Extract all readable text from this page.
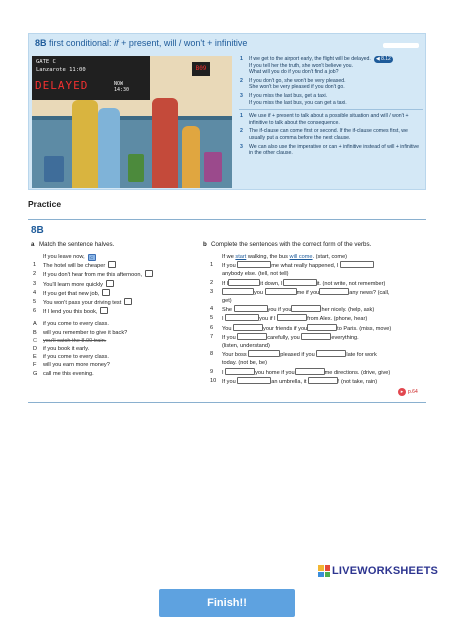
8B first conditional: if + present, will / won't + infinitive
GATE C
Lanzarote 11:00
DELAYED	NOW
14:30
B09
1 If we get to the airport early, the flight will be delayed. ◀ 8.12
If you tell her the truth, she won't believe you.
What will you do if you don't find a job?
2 If you don't go, she won't be very pleased.
She won't be very pleased if you don't go.
3 If you miss the last bus, get a taxi.
If you miss the last bus, you can get a taxi.
1 We use if + present to talk about a possible situation and will / won't + infinitive to talk about the consequence.
2 The if-clause can come first or second. If the if-clause comes first, we usually put a comma before the next clause.
3 We can also use the imperative or can + infinitive instead of will + infinitive in the other clause.
Practice
8B
a Match the sentence halves.
If you leave now, C
1 The hotel will be cheaper
2 If you don't hear from me this afternoon,
3 You'll learn more quickly
4 If you get that new job,
5 You won't pass your driving test
6 If I lend you this book,
A if you come to every class.
B will you remember to give it back?
C you'll catch the 8.00 train.
D if you book it early.
E if you come to every class.
F will you earn more money?
G call me this evening.
b Complete the sentences with the correct form of the verbs.
If we start walking, the bus will come. (start, come)
1 If you	me what really happened, I
anybody else. (tell, not tell)
2 If I	it down, I	it. (not write, not remember)
3	you	me if you	any news? (call,
get)
4 She	you if you	her nicely. (help, ask)
5 I	you if I	from Alex. (phone, hear)
6 You	your friends if you	to Paris. (miss, move)
7 If you	carefully, you	everything.
(listen, understand)
8 Your boss	pleased if you	late for work
today. (not be, be)
9 I	you home if you	me directions. (drive, give)
10 If you	an umbrella, it	! (not take, rain)
▸ p.64
LIVEWORKSHEETS
Finish!!
